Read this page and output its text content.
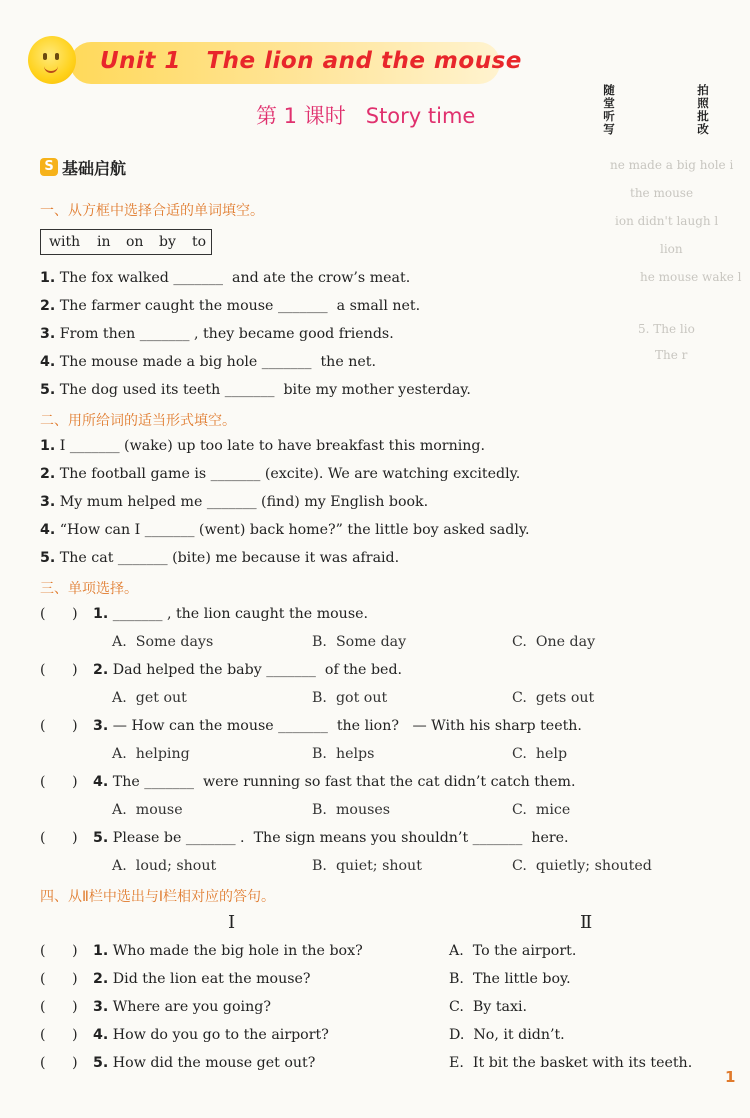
ne made a big hole i
the mouse
ion didn't laugh l
lion
he mouse wake l
5. The lio
The r
Unit 1   The lion and the mouse
第 1 课时   Story time
随
堂
听
写
拍
照
批
改
S 基础启航
一、从方框中选择合适的单词填空。
with in on by to
1. The fox walked _______  and ate the crow’s meat.
2. The farmer caught the mouse _______  a small net.
3. From then _______ , they became good friends.
4. The mouse made a big hole _______  the net.
5. The dog used its teeth _______  bite my mother yesterday.
二、用所给词的适当形式填空。
1. I _______ (wake) up too late to have breakfast this morning.
2. The football game is _______ (excite). We are watching excitedly.
3. My mum helped me _______ (find) my English book.
4. “How can I _______ (went) back home?” the little boy asked sadly.
5. The cat _______ (bite) me because it was afraid.
三、单项选择。
(      ) 1. _______ , the lion caught the mouse.
A.  Some days	B.  Some day	C.  One day
(      ) 2. Dad helped the baby _______  of the bed.
A.  get out	B.  got out	C.  gets out
(      ) 3. — How can the mouse _______  the lion?   — With his sharp teeth.
A.  helping	B.  helps	C.  help
(      ) 4. The _______  were running so fast that the cat didn’t catch them.
A.  mouse	B.  mouses	C.  mice
(      ) 5. Please be _______ .  The sign means you shouldn’t _______  here.
A.  loud; shout	B.  quiet; shout	C.  quietly; shouted
四、从Ⅱ栏中选出与Ⅰ栏相对应的答句。
Ⅰ	Ⅱ
(      ) 1. Who made the big hole in the box?	A.  To the airport.
(      ) 2. Did the lion eat the mouse?	B.  The little boy.
(      ) 3. Where are you going?	C.  By taxi.
(      ) 4. How do you go to the airport?	D.  No, it didn’t.
(      ) 5. How did the mouse get out?	E.  It bit the basket with its teeth.
1
